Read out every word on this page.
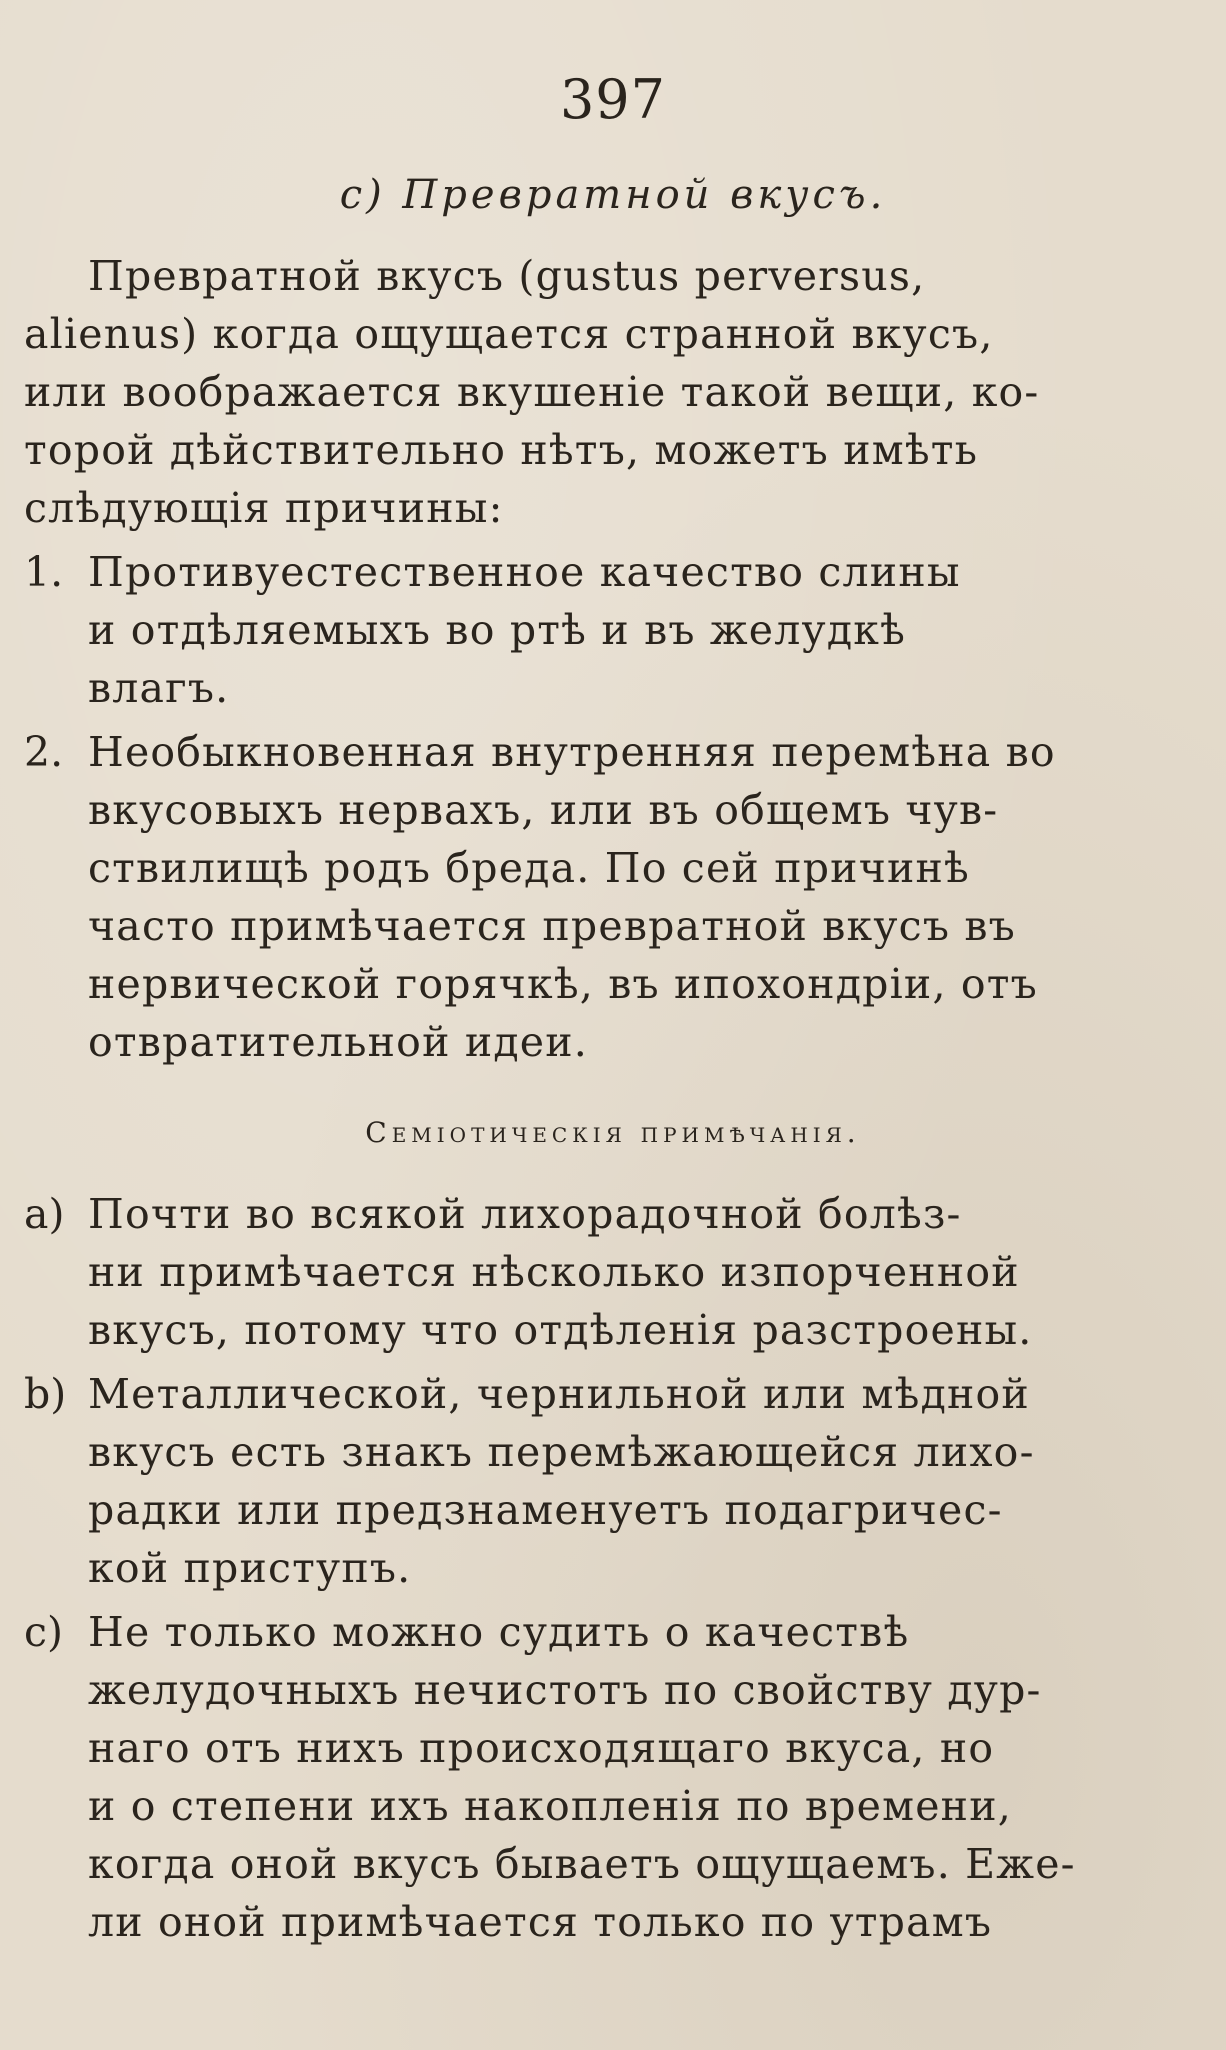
397
c) Превратной вкусъ.
Превратной вкусъ (gustus perversus,
alienus) когда ощущается странной вкусъ,
или воображается вкушеніе такой вещи, ко-
торой дѣйствительно нѣтъ, можетъ имѣть
слѣдующія причины:
1. Противуестественное качество слины
и отдѣляемыхъ во ртѣ и въ желудкѣ
влагъ.
2. Необыкновенная внутренняя перемѣна во
вкусовыхъ нервахъ, или въ общемъ чув-
ствилищѣ родъ бреда. По сей причинѣ
часто примѣчается превратной вкусъ въ
нервической горячкѣ, въ ипохондріи, отъ
отвратительной идеи.
Семіотическія примѣчанія.
a) Почти во всякой лихорадочной болѣз-
ни примѣчается нѣсколько изпорченной
вкусъ, потому что отдѣленія разстроены.
b) Металлической, чернильной или мѣдной
вкусъ есть знакъ перемѣжающейся лихо-
радки или предзнаменуетъ подагричес-
кой приступъ.
c) Не только можно судить о качествѣ
желудочныхъ нечистотъ по свойству дур-
наго отъ нихъ происходящаго вкуса, но
и о степени ихъ накопленія по времени,
когда оной вкусъ бываетъ ощущаемъ. Еже-
ли оной примѣчается только по утрамъ
